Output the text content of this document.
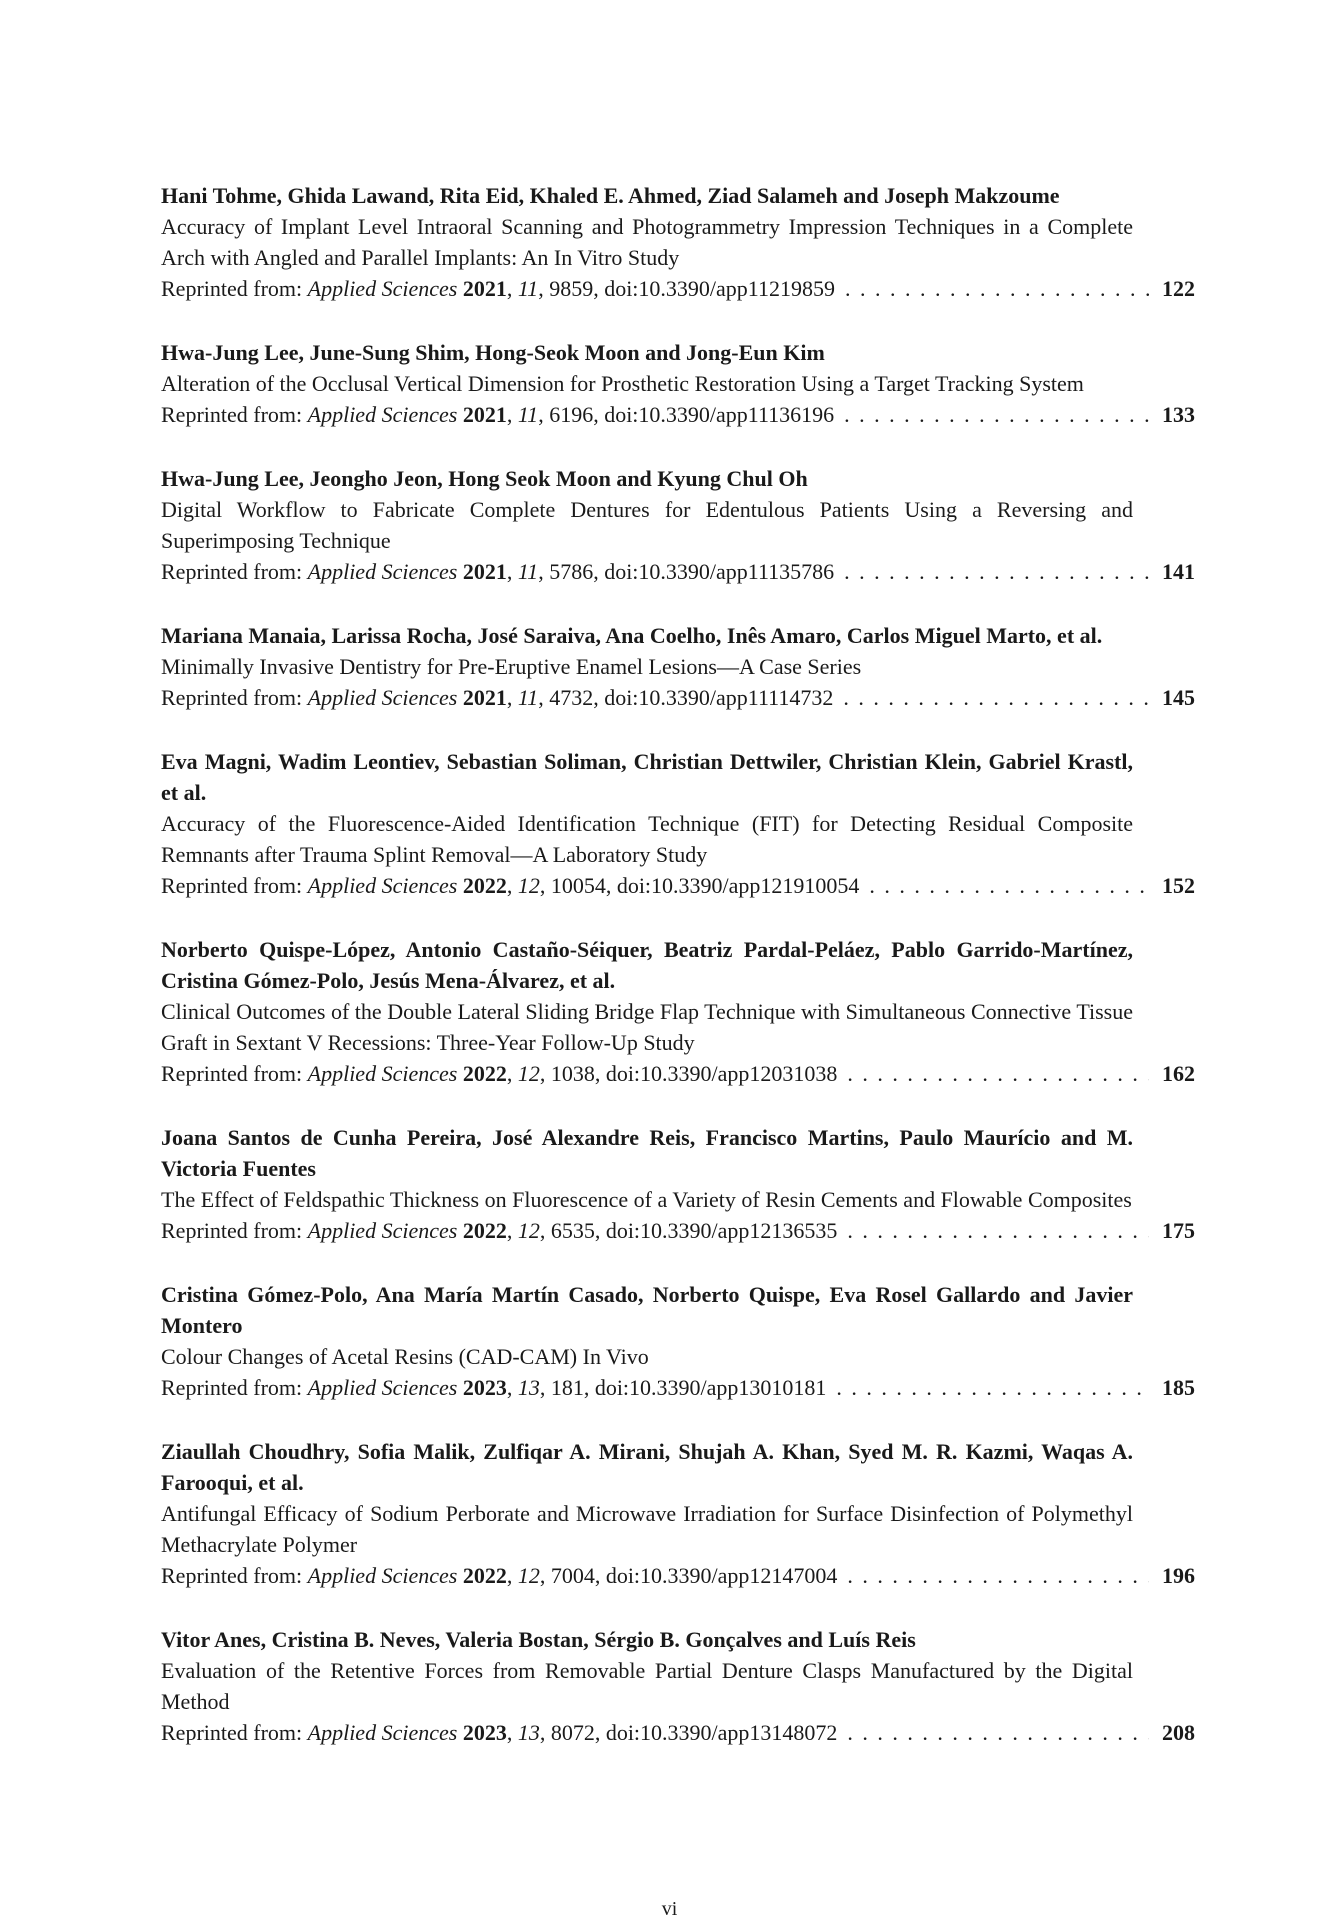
Hani Tohme, Ghida Lawand, Rita Eid, Khaled E. Ahmed, Ziad Salameh and Joseph Makzoume
Accuracy of Implant Level Intraoral Scanning and Photogrammetry Impression Techniques in a Complete Arch with Angled and Parallel Implants: An In Vitro Study
Reprinted from: Applied Sciences 2021, 11, 9859, doi:10.3390/app11219859 . . .	122
Hwa-Jung Lee, June-Sung Shim, Hong-Seok Moon and Jong-Eun Kim
Alteration of the Occlusal Vertical Dimension for Prosthetic Restoration Using a Target Tracking System
Reprinted from: Applied Sciences 2021, 11, 6196, doi:10.3390/app11136196 . . .	133
Hwa-Jung Lee, Jeongho Jeon, Hong Seok Moon and Kyung Chul Oh
Digital Workflow to Fabricate Complete Dentures for Edentulous Patients Using a Reversing and Superimposing Technique
Reprinted from: Applied Sciences 2021, 11, 5786, doi:10.3390/app11135786 . . .	141
Mariana Manaia, Larissa Rocha, José Saraiva, Ana Coelho, Inês Amaro, Carlos Miguel Marto, et al.
Minimally Invasive Dentistry for Pre-Eruptive Enamel Lesions—A Case Series
Reprinted from: Applied Sciences 2021, 11, 4732, doi:10.3390/app11114732 . . .	145
Eva Magni, Wadim Leontiev, Sebastian Soliman, Christian Dettwiler, Christian Klein, Gabriel Krastl, et al.
Accuracy of the Fluorescence-Aided Identification Technique (FIT) for Detecting Residual Composite Remnants after Trauma Splint Removal—A Laboratory Study
Reprinted from: Applied Sciences 2022, 12, 10054, doi:10.3390/app121910054 . . .	152
Norberto Quispe-López, Antonio Castaño-Séiquer, Beatriz Pardal-Peláez, Pablo Garrido-Martínez, Cristina Gómez-Polo, Jesús Mena-Álvarez, et al.
Clinical Outcomes of the Double Lateral Sliding Bridge Flap Technique with Simultaneous Connective Tissue Graft in Sextant V Recessions: Three-Year Follow-Up Study
Reprinted from: Applied Sciences 2022, 12, 1038, doi:10.3390/app12031038 . . .	162
Joana Santos de Cunha Pereira, José Alexandre Reis, Francisco Martins, Paulo Maurício and M. Victoria Fuentes
The Effect of Feldspathic Thickness on Fluorescence of a Variety of Resin Cements and Flowable Composites
Reprinted from: Applied Sciences 2022, 12, 6535, doi:10.3390/app12136535 . . .	175
Cristina Gómez-Polo, Ana María Martín Casado, Norberto Quispe, Eva Rosel Gallardo and Javier Montero
Colour Changes of Acetal Resins (CAD-CAM) In Vivo
Reprinted from: Applied Sciences 2023, 13, 181, doi:10.3390/app13010181 . . .	185
Ziaullah Choudhry, Sofia Malik, Zulfiqar A. Mirani, Shujah A. Khan, Syed M. R. Kazmi, Waqas A. Farooqui, et al.
Antifungal Efficacy of Sodium Perborate and Microwave Irradiation for Surface Disinfection of Polymethyl Methacrylate Polymer
Reprinted from: Applied Sciences 2022, 12, 7004, doi:10.3390/app12147004 . . .	196
Vitor Anes, Cristina B. Neves, Valeria Bostan, Sérgio B. Gonçalves and Luís Reis
Evaluation of the Retentive Forces from Removable Partial Denture Clasps Manufactured by the Digital Method
Reprinted from: Applied Sciences 2023, 13, 8072, doi:10.3390/app13148072 . . .	208
vi
